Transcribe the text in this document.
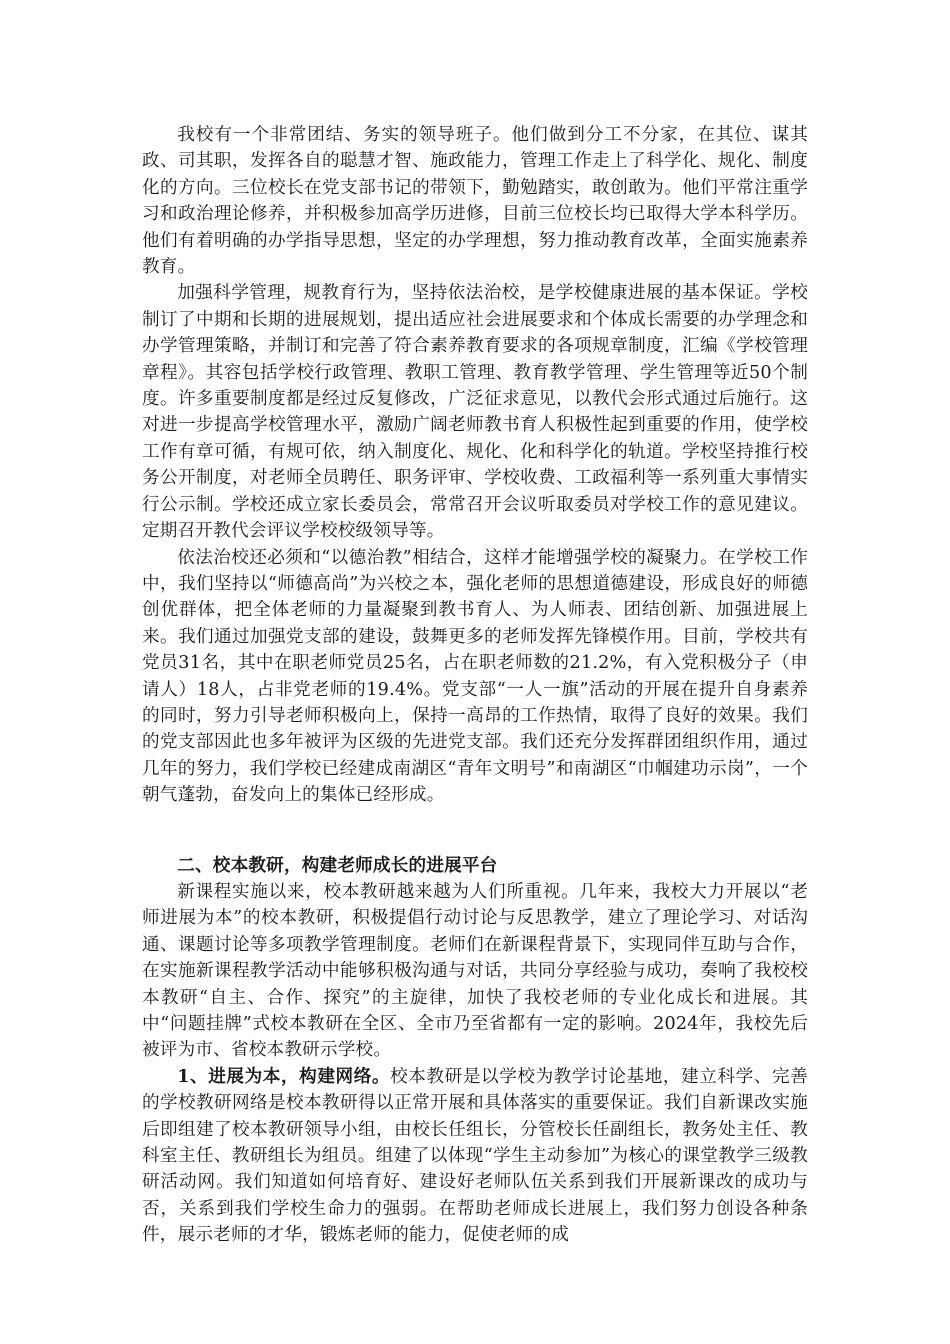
我校有一个非常团结、务实的领导班子。他们做到分工不分家，在其位、谋其政、司其职，发挥各自的聪慧才智、施政能力，管理工作走上了科学化、规化、制度化的方向。三位校长在党支部书记的带领下，勤勉踏实，敢创敢为。他们平常注重学习和政治理论修养，并积极参加高学历进修，目前三位校长均已取得大学本科学历。他们有着明确的办学指导思想，坚定的办学理想，努力推动教育改革，全面实施素养教育。

加强科学管理，规教育行为，坚持依法治校，是学校健康进展的基本保证。学校制订了中期和长期的进展规划，提出适应社会进展要求和个体成长需要的办学理念和办学管理策略，并制订和完善了符合素养教育要求的各项规章制度，汇编《学校管理章程》。其容包括学校行政管理、教职工管理、教育教学管理、学生管理等近50个制度。许多重要制度都是经过反复修改，广泛征求意见，以教代会形式通过后施行。这对进一步提高学校管理水平，激励广阔老师教书育人积极性起到重要的作用，使学校工作有章可循，有规可依，纳入制度化、规化、化和科学化的轨道。学校坚持推行校务公开制度，对老师全员聘任、职务评审、学校收费、工政福利等一系列重大事情实行公示制。学校还成立家长委员会，常常召开会议听取委员对学校工作的意见建议。定期召开教代会评议学校校级领导等。

依法治校还必须和“以德治教”相结合，这样才能增强学校的凝聚力。在学校工作中，我们坚持以“师德高尚”为兴校之本，强化老师的思想道德建设，形成良好的师德创优群体，把全体老师的力量凝聚到教书育人、为人师表、团结创新、加强进展上来。我们通过加强党支部的建设，鼓舞更多的老师发挥先锋模作用。目前，学校共有党员31名，其中在职老师党员25名，占在职老师数的21.2%，有入党积极分子（申请人）18人，占非党老师的19.4%。党支部“一人一旗”活动的开展在提升自身素养的同时，努力引导老师积极向上，保持一高昂的工作热情，取得了良好的效果。我们的党支部因此也多年被评为区级的先进党支部。我们还充分发挥群团组织作用，通过几年的努力，我们学校已经建成南湖区“青年文明号”和南湖区“巾帼建功示岗”，一个朝气蓬勃，奋发向上的集体已经形成。

二、校本教研，构建老师成长的进展平台

新课程实施以来，校本教研越来越为人们所重视。几年来，我校大力开展以“老师进展为本”的校本教研，积极提倡行动讨论与反思教学，建立了理论学习、对话沟通、课题讨论等多项教学管理制度。老师们在新课程背景下，实现同伴互助与合作，在实施新课程教学活动中能够积极沟通与对话，共同分享经验与成功，奏响了我校校本教研“自主、合作、探究”的主旋律，加快了我校老师的专业化成长和进展。其中“问题挂牌”式校本教研在全区、全市乃至省都有一定的影响。2024年，我校先后被评为市、省校本教研示学校。

1、进展为本，构建网络。校本教研是以学校为教学讨论基地，建立科学、完善的学校教研网络是校本教研得以正常开展和具体落实的重要保证。我们自新课改实施后即组建了校本教研领导小组，由校长任组长，分管校长任副组长，教务处主任、教科室主任、教研组长为组员。组建了以体现“学生主动参加”为核心的课堂教学三级教研活动网。我们知道如何培育好、建设好老师队伍关系到我们开展新课改的成功与否，关系到我们学校生命力的强弱。在帮助老师成长进展上，我们努力创设各种条件，展示老师的才华，锻炼老师的能力，促使老师的成
